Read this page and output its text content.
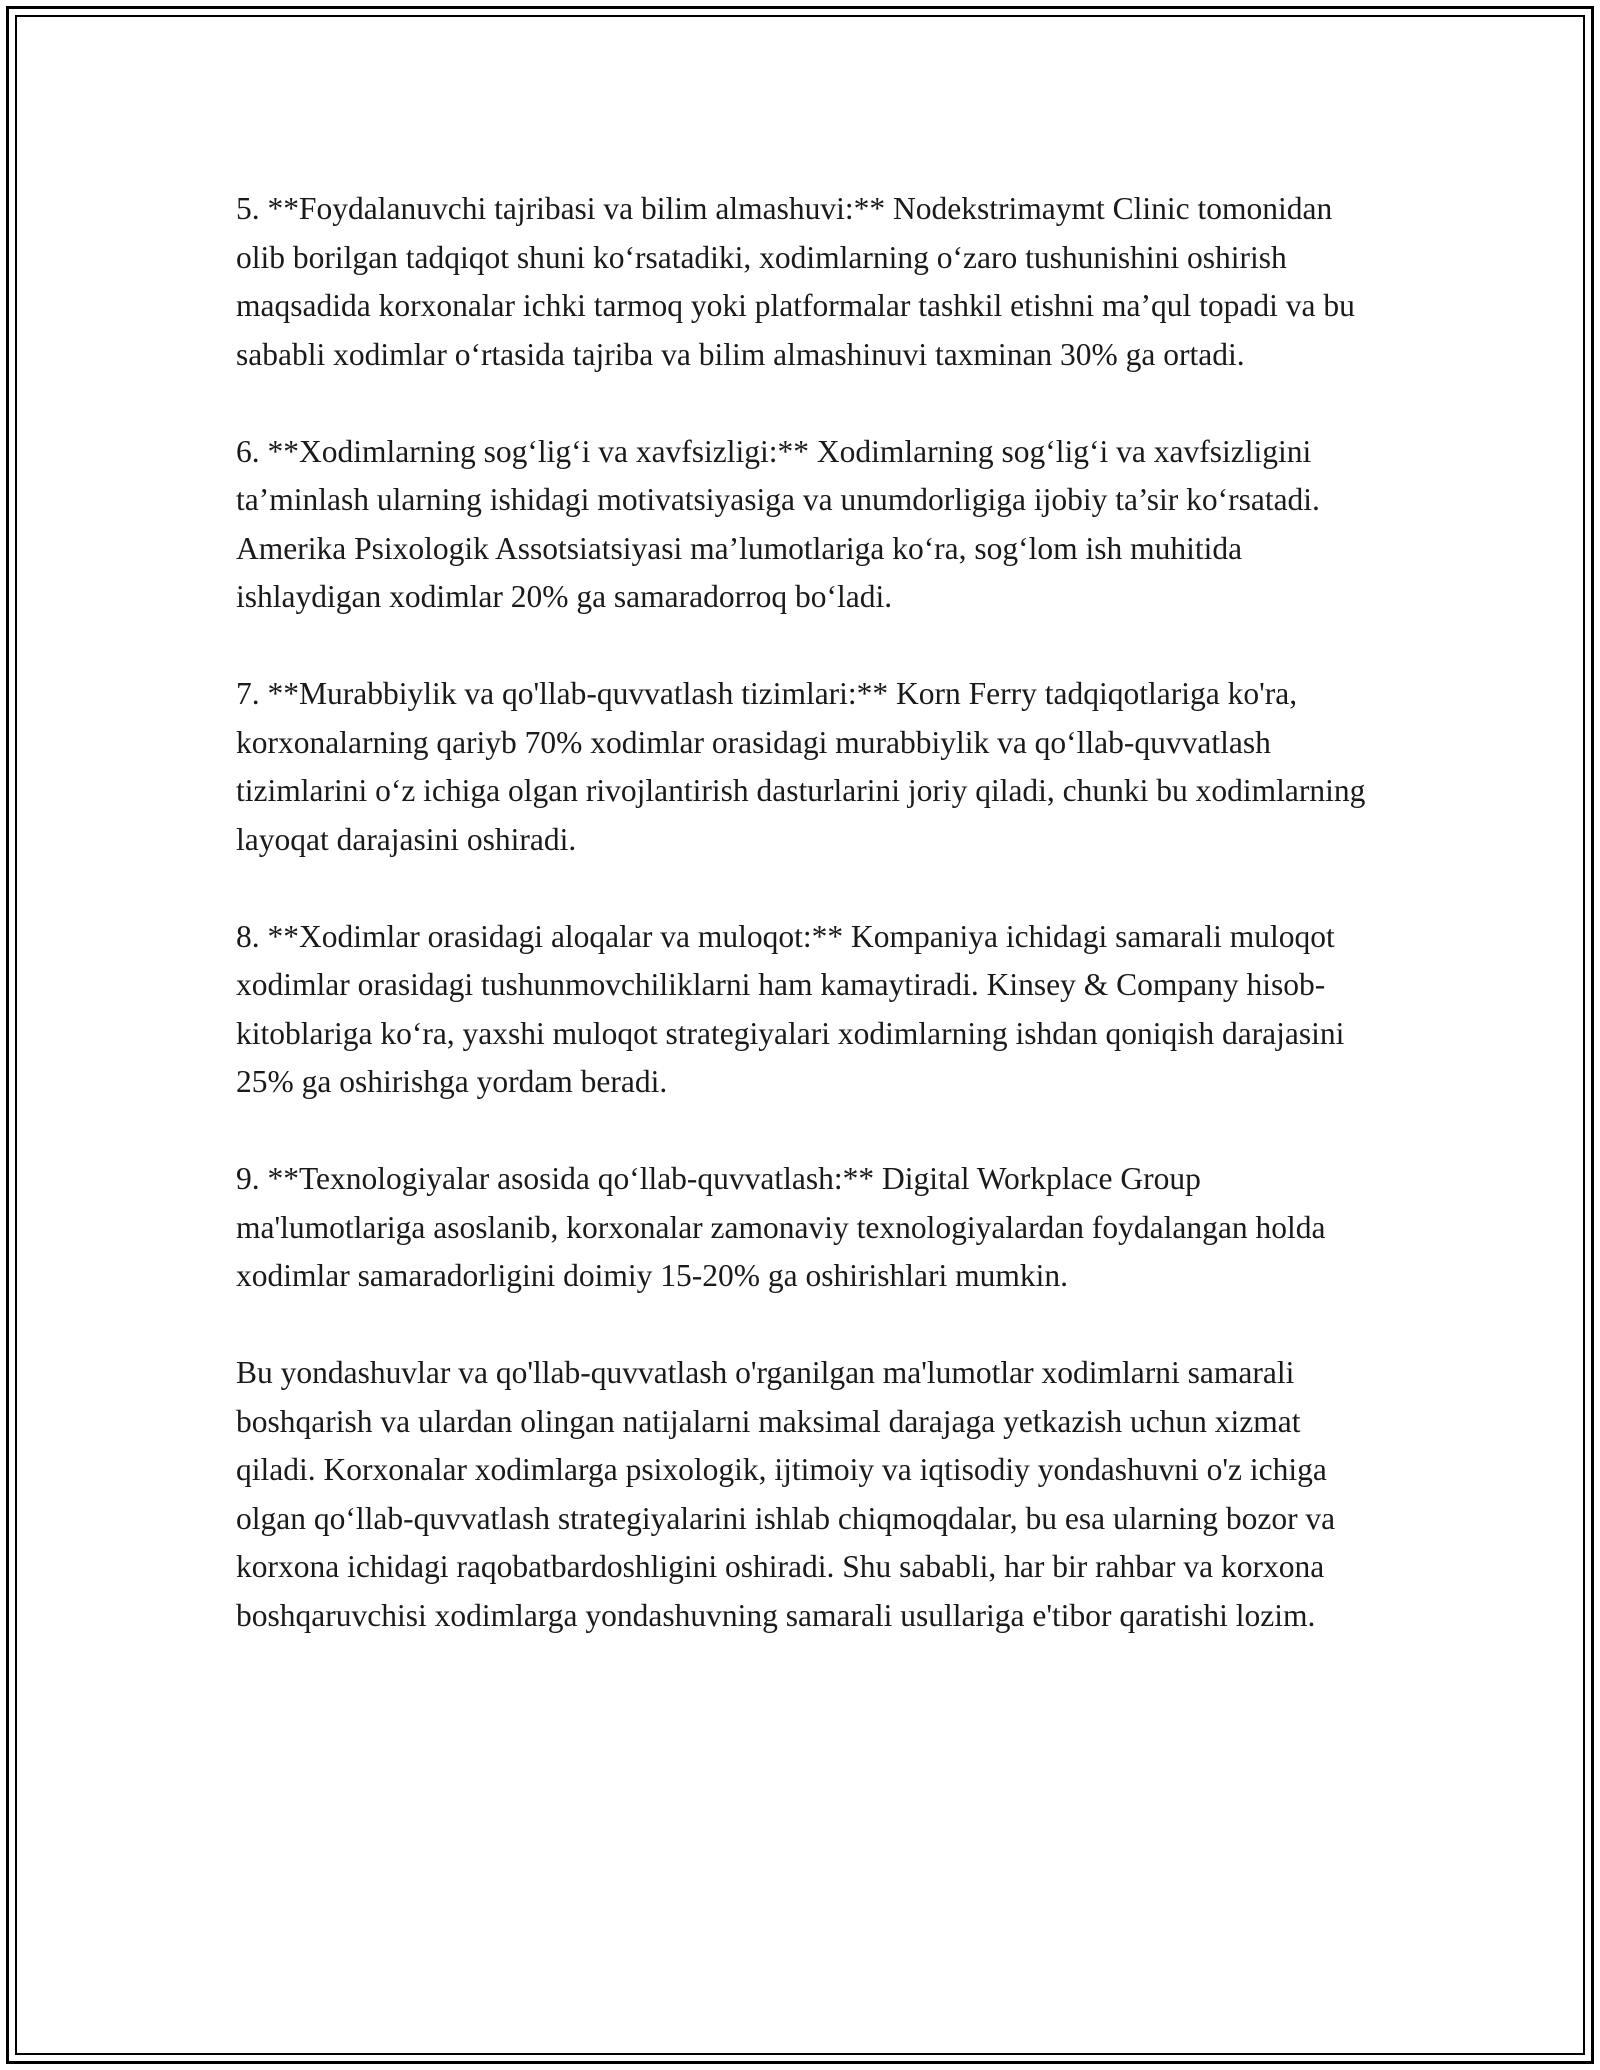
5. **Foydalanuvchi tajribasi va bilim almashuvi:** Nodekstrimaymt Clinic tomonidan olib borilgan tadqiqot shuni ko‘rsatadiki, xodimlarning o‘zaro tushunishini oshirish maqsadida korxonalar ichki tarmoq yoki platformalar tashkil etishni ma’qul topadi va bu sababli xodimlar o‘rtasida tajriba va bilim almashinuvi taxminan 30% ga ortadi.

6. **Xodimlarning sog‘lig‘i va xavfsizligi:** Xodimlarning sog‘lig‘i va xavfsizligini ta’minlash ularning ishidagi motivatsiyasiga va unumdorligiga ijobiy ta’sir ko‘rsatadi. Amerika Psixologik Assotsiatsiyasi ma’lumotlariga ko‘ra, sog‘lom ish muhitida ishlaydigan xodimlar 20% ga samaradorroq bo‘ladi.

7. **Murabbiylik va qo'llab-quvvatlash tizimlari:** Korn Ferry tadqiqotlariga ko'ra, korxonalarning qariyb 70% xodimlar orasidagi murabbiylik va qo‘llab-quvvatlash tizimlarini o‘z ichiga olgan rivojlantirish dasturlarini joriy qiladi, chunki bu xodimlarning layoqat darajasini oshiradi.

8. **Xodimlar orasidagi aloqalar va muloqot:** Kompaniya ichidagi samarali muloqot xodimlar orasidagi tushunmovchiliklarni ham kamaytiradi. Kinsey & Company hisob-kitoblariga ko‘ra, yaxshi muloqot strategiyalari xodimlarning ishdan qoniqish darajasini 25% ga oshirishga yordam beradi.

9. **Texnologiyalar asosida qo‘llab-quvvatlash:** Digital Workplace Group ma'lumotlariga asoslanib, korxonalar zamonaviy texnologiyalardan foydalangan holda xodimlar samaradorligini doimiy 15-20% ga oshirishlari mumkin.

Bu yondashuvlar va qo'llab-quvvatlash o'rganilgan ma'lumotlar xodimlarni samarali boshqarish va ulardan olingan natijalarni maksimal darajaga yetkazish uchun xizmat qiladi. Korxonalar xodimlarga psixologik, ijtimoiy va iqtisodiy yondashuvni o'z ichiga olgan qo‘llab-quvvatlash strategiyalarini ishlab chiqmoqdalar, bu esa ularning bozor va korxona ichidagi raqobatbardoshligini oshiradi. Shu sababli, har bir rahbar va korxona boshqaruvchisi xodimlarga yondashuvning samarali usullariga e'tibor qaratishi lozim.
